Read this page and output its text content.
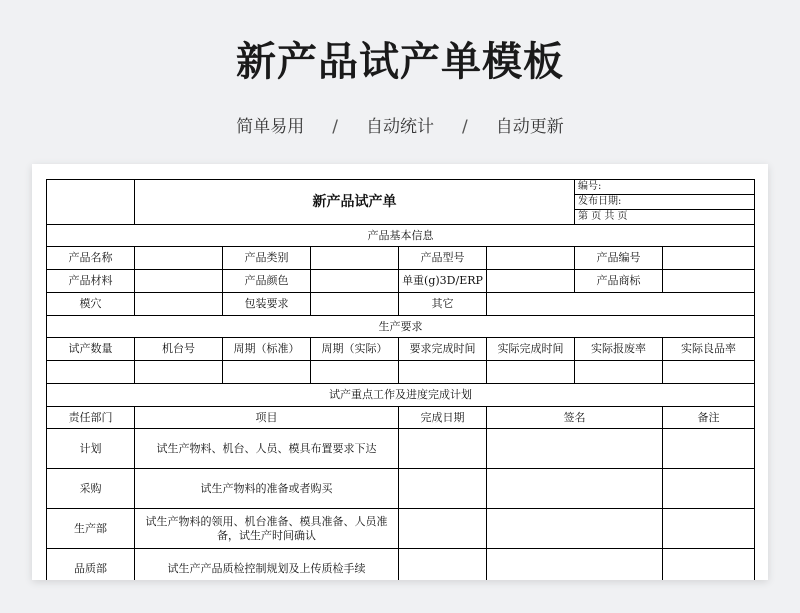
新产品试产单模板
简单易用 / 自动统计 / 自动更新
	新产品试产单					编号:	
						发布日期:	
						第 页 共 页	
产品基本信息							
产品名称		产品类别		产品型号		产品编号	
产品材料		产品颜色		单重(g)3D/ERP		产品商标	
模穴		包装要求		其它			
生产要求							
试产数量	机台号	周期（标准）	周期（实际）	要求完成时间	实际完成时间	实际报废率	实际良品率

试产重点工作及进度完成计划							
责任部门	项目			完成日期	签名		备注
计划	试生产物料、机台、人员、模具布置要求下达						
采购	试生产物料的准备或者购买						
生产部	试生产物料的领用、机台准备、模具准备、人员准备，试生产时间确认						
品质部	试生产产品质检控制规划及上传质检手续						
